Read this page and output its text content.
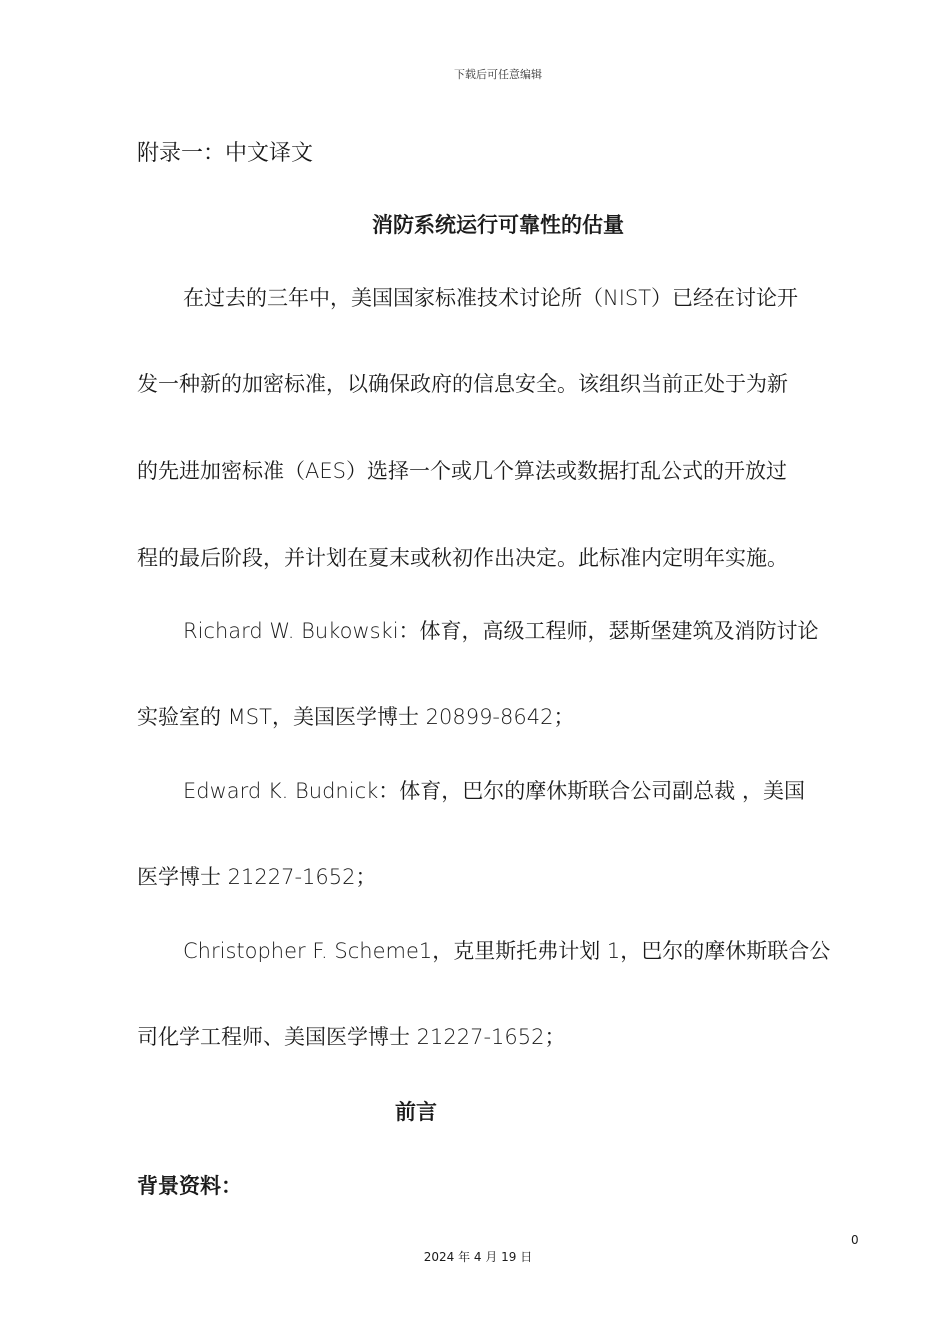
下载后可任意编辑
附录一：中文译文
消防系统运行可靠性的估量
在过去的三年中，美国国家标准技术讨论所（NIST）已经在讨论开
发一种新的加密标准，以确保政府的信息安全。该组织当前正处于为新
的先进加密标准（AES）选择一个或几个算法或数据打乱公式的开放过
程的最后阶段，并计划在夏末或秋初作出决定。此标准内定明年实施。
Richard W. Bukowski：体育，高级工程师，瑟斯堡建筑及消防讨论
实验室的 MST，美国医学博士 20899-8642；
Edward K. Budnick：体育，巴尔的摩休斯联合公司副总裁 ，美国
医学博士 21227-1652；
Christopher F. Scheme1，克里斯托弗计划 1，巴尔的摩休斯联合公
司化学工程师、美国医学博士 21227-1652；
前言
背景资料：
0
2024 年 4 月 19 日
